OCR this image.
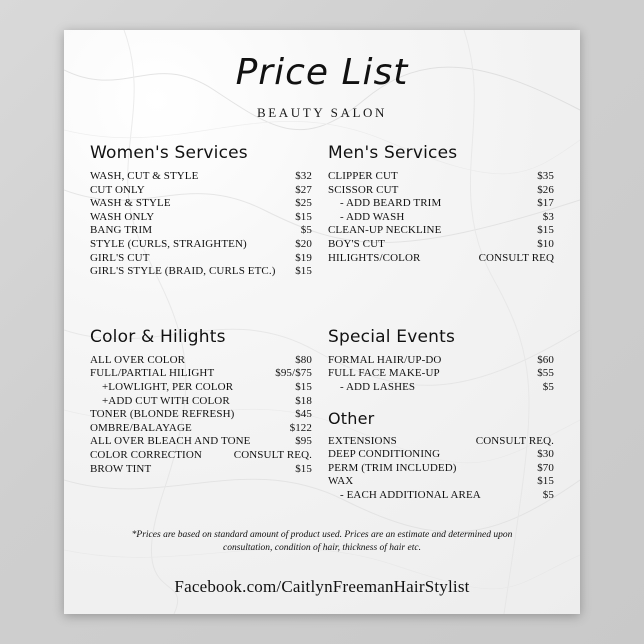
Price List
BEAUTY SALON
Women's Services
WASH, CUT & STYLE	$32
CUT ONLY	$27
WASH & STYLE	$25
WASH ONLY	$15
BANG TRIM	$5
STYLE (CURLS, STRAIGHTEN)	$20
GIRL'S CUT	$19
GIRL'S STYLE (BRAID, CURLS ETC.)	$15
Men's Services
CLIPPER CUT	$35
SCISSOR CUT	$26
- ADD BEARD TRIM	$17
- ADD WASH	$3
CLEAN-UP NECKLINE	$15
BOY'S CUT	$10
HILIGHTS/COLOR	CONSULT REQ
Color & Hilights
ALL OVER COLOR	$80
FULL/PARTIAL HILIGHT	$95/$75
+LOWLIGHT, PER COLOR	$15
+ADD CUT WITH COLOR	$18
TONER (BLONDE REFRESH)	$45
OMBRE/BALAYAGE	$122
ALL OVER BLEACH AND TONE	$95
COLOR CORRECTION	CONSULT REQ.
BROW TINT	$15
Special Events
FORMAL HAIR/UP-DO	$60
FULL FACE MAKE-UP	$55
- ADD LASHES	$5
Other
EXTENSIONS	CONSULT REQ.
DEEP CONDITIONING	$30
PERM (TRIM INCLUDED)	$70
WAX	$15
- EACH ADDITIONAL AREA	$5
*Prices are based on standard amount of product used. Prices are an estimate and determined upon consultation, condition of hair, thickness of hair etc.
Facebook.com/CaitlynFreemanHairStylist
